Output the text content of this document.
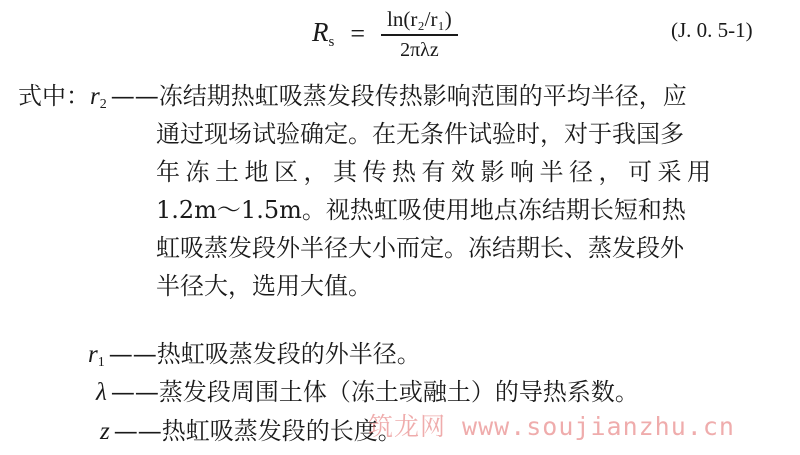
$R_s = \frac{\text{ln(r₂/r₁)}}{\text{2πλz}}$	(J. 0. 5-1)
式中：$r_2$ ——冻结期热虹吸蒸发段传热影响范围的平均半径，应
通过现场试验确定。在无条件试验时，对于我国多
年冻土地区，其传热有效影响半径，可采用
1.2m～1.5m。视热虹吸使用地点冻结期长短和热
虹吸蒸发段外半径大小而定。冻结期长、蒸发段外
半径大，选用大值。
$r_1$ ——热虹吸蒸发段的外半径。
λ ——蒸发段周围土体（冻土或融土）的导热系数。
z ——热虹吸蒸发段的长度。
筑龙网 www.soujianzhu.cn
